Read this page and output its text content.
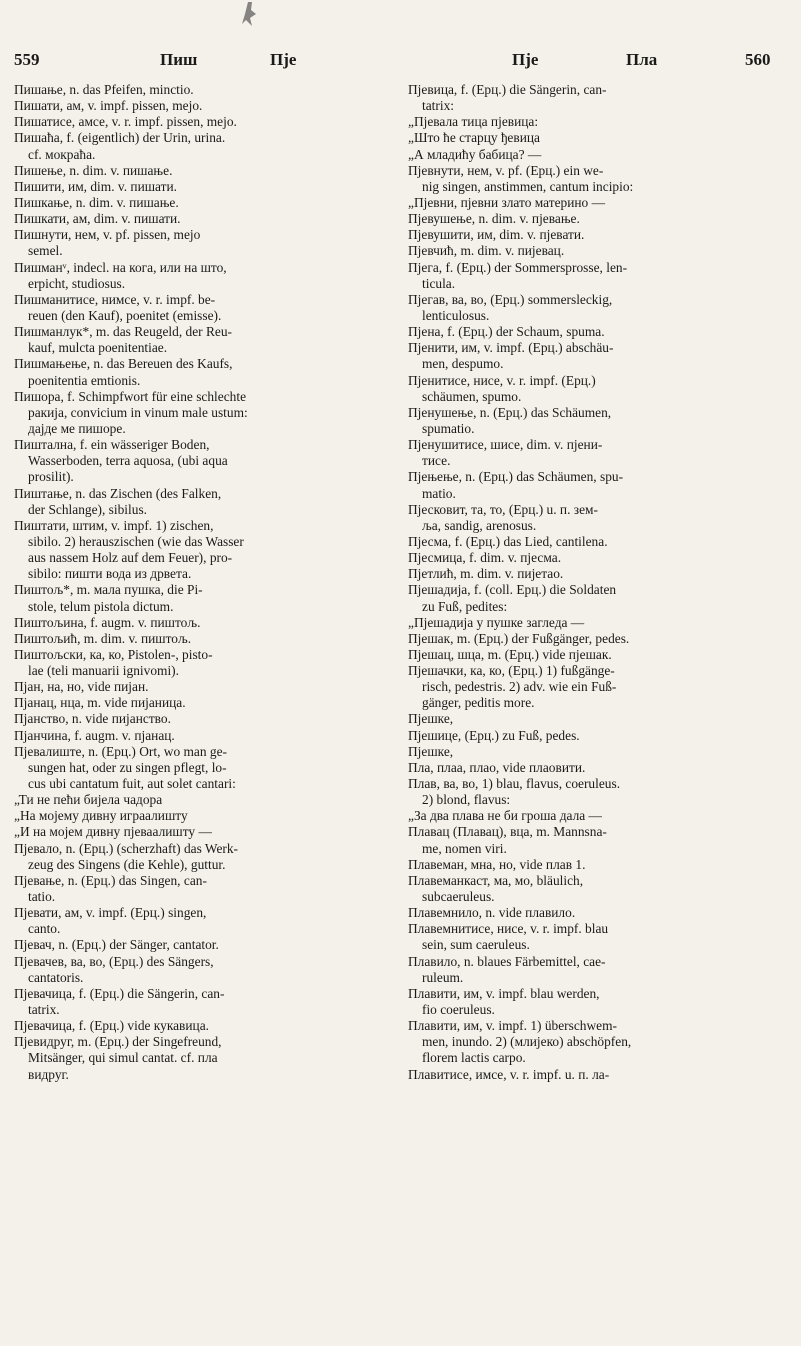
559	Пиш	Пје	Пје	Пла	560
Пишање, n. das Pfeifen, minctio.
Пишати, ам, v. impf. pissen, mejo.
Пишатисе, амсе, v. r. impf. pissen, mejo.
Пишаћа, f. (eigentlich) der Urin, urina.
cf. мокраћа.
Пишење, n. dim. v. пишање.
Пишити, им, dim. v. пишати.
Пишкање, n. dim. v. пишање.
Пишкати, ам, dim. v. пишати.
Пишнути, нем, v. pf. pissen, mejo
semel.
Пишманᵛ, indecl. на кога, или на што,
erpicht, studiosus.
Пишманитисе, нимсе, v. r. impf. be-
reuen (den Kauf), poenitet (emisse).
Пишманлук*, m. das Reugeld, der Reu-
kauf, mulcta poenitentiae.
Пишмањење, n. das Bereuen des Kaufs,
poenitentia emtionis.
Пишора, f. Schimpfwort für eine schlechte
ракија, convicium in vinum male ustum:
дајде ме пишоре.
Пиштална, f. ein wässeriger Boden,
Wasserboden, terra aquosa, (ubi aqua
prosilit).
Пиштање, n. das Zischen (des Falken,
der Schlange), sibilus.
Пиштати, штим, v. impf. 1) zischen,
sibilo. 2) herauszischen (wie das Wasser
aus nassem Holz auf dem Feuer), pro-
sibilo: пишти вода из дрвета.
Пиштољ*, m. мала пушка, die Pi-
stole, telum pistola dictum.
Пиштољина, f. augm. v. пиштољ.
Пиштољић, m. dim. v. пиштољ.
Пиштољски, ка, ко, Pistolen-, pisto-
lae (teli manuarii ignivomi).
Пјан, на, но, vide пијан.
Пјанац, нца, m. vide пијаница.
Пјанство, n. vide пијанство.
Пјанчина, f. augm. v. пјанац.
Пјевалиште, n. (Ерц.) Ort, wo man ge-
sungen hat, oder zu singen pflegt, lo-
cus ubi cantatum fuit, aut solet cantari:
„Ти не пећи бијела чадора
„На мојему дивну играалишту
„И на мојем дивну пјеваалишту —
Пјевало, n. (Ерц.) (scherzhaft) das Werk-
zeug des Singens (die Kehle), guttur.
Пјевање, n. (Ерц.) das Singen, can-
tatio.
Пјевати, ам, v. impf. (Ерц.) singen,
canto.
Пјевач, n. (Ерц.) der Sänger, cantator.
Пјевачев, ва, во, (Ерц.) des Sängers,
cantatoris.
Пјевачица, f. (Ерц.) die Sängerin, can-
tatrix.
Пјевачица, f. (Ерц.) vide кукавица.
Пјевидруг, m. (Ерц.) der Singefreund,
Mitsänger, qui simul cantat. cf. пла
видруг.
Пјевица, f. (Ерц.) die Sängerin, can-
tatrix:
„Пјевала тица пјевица:
„Што ће старцу ђевица
„А младићу бабица? —
Пјевнути, нем, v. pf. (Ерц.) ein we-
nig singen, anstimmen, cantum incipio:
„Пјевни, пјевни злато материно —
Пјевушење, n. dim. v. пјевање.
Пјевушити, им, dim. v. пјевати.
Пјевчић, m. dim. v. пијевац.
Пјега, f. (Ерц.) der Sommersprosse, len-
ticula.
Пјегав, ва, во, (Ерц.) sommersleckig,
lenticulosus.
Пјена, f. (Ерц.) der Schaum, spuma.
Пјенити, им, v. impf. (Ерц.) abschäu-
men, despumo.
Пјенитисе, нисе, v. r. impf. (Ерц.)
schäumen, spumo.
Пјенушење, n. (Ерц.) das Schäumen,
spumatio.
Пјенушитисе, шисе, dim. v. пјени-
тисе.
Пјењење, n. (Ерц.) das Schäumen, spu-
matio.
Пјесковит, та, то, (Ерц.) u. п. зем-
ља, sandig, arenosus.
Пјесма, f. (Ерц.) das Lied, cantilena.
Пјесмица, f. dim. v. пјесма.
Пјетлић, m. dim. v. пијетао.
Пјешадија, f. (coll. Ерц.) die Soldaten
zu Fuß, pedites:
„Пјешадија у пушке загледа —
Пјешак, m. (Ерц.) der Fußgänger, pedes.
Пјешац, шца, m. (Ерц.) vide пјешак.
Пјешачки, ка, ко, (Ерц.) 1) fußgänge-
risch, pedestris. 2) adv. wie ein Fuß-
gänger, peditis more.
Пјешке,
Пјешице, (Ерц.) zu Fuß, pedes.
Пјешке,
Пла, плаа, плао, vide плаовити.
Плав, ва, во, 1) blau, flavus, coeruleus.
2) blond, flavus:
„За два плава не би гроша дала —
Плавац (Плавац), вца, m. Mannsna-
me, nomen viri.
Плавеман, мна, но, vide плав 1.
Плавеманкаст, ма, мо, bläulich,
subcaeruleus.
Плавемнило, n. vide плавило.
Плавемнитисе, нисе, v. r. impf. blau
sein, sum caeruleus.
Плавило, n. blaues Färbemittel, cae-
ruleum.
Плавити, им, v. impf. blau werden,
fio coeruleus.
Плавити, им, v. impf. 1) überschwem-
men, inundo. 2) (млијеко) abschöpfen,
florem lactis carpo.
Плавитисе, имсе, v. r. impf. u. п. ла-
